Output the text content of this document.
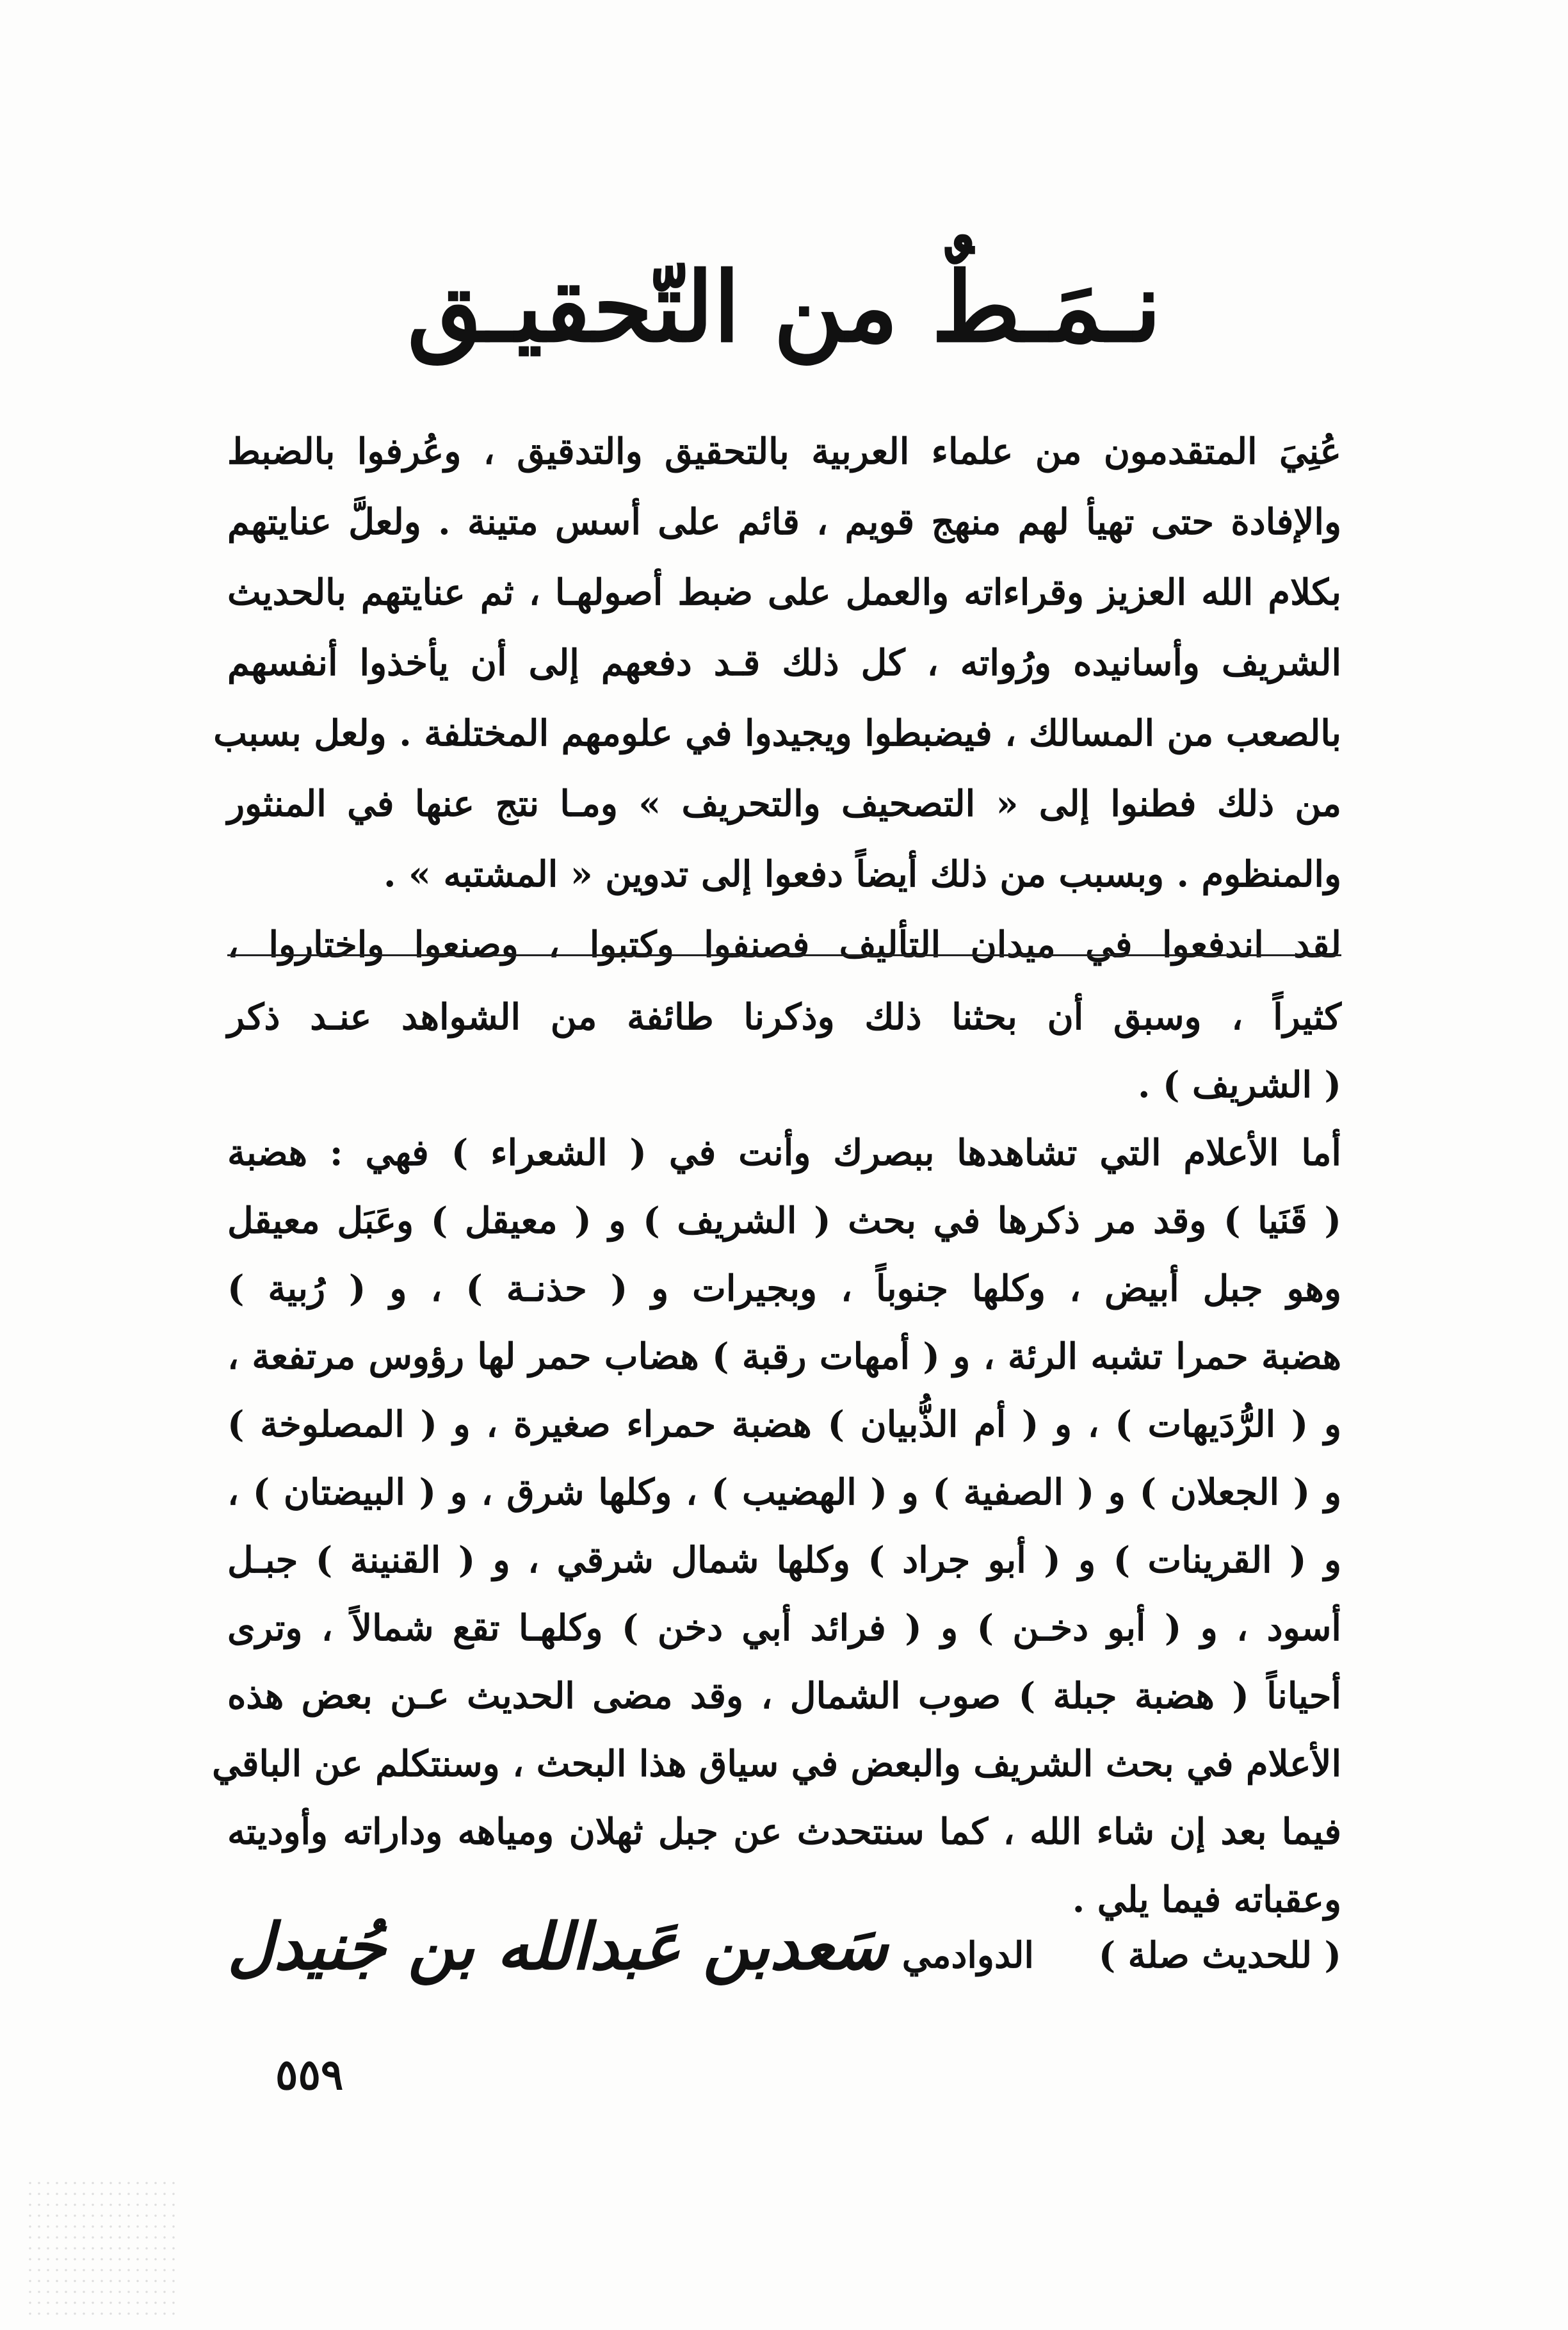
نـمَـطٌ من التّحقيـق
عُنِيَ المتقدمون من علماء العربية بالتحقيق والتدقيق ، وعُرفوا بالضبط
والإفادة حتى تهيأ لهم منهج قويم ، قائم على أسس متينة . ولعلَّ عنايتهم
بكلام الله العزيز وقراءاته والعمل على ضبط أصولهـا ، ثم عنايتهم بالحديث
الشريف وأسانيده ورُواته ، كل ذلك قـد دفعهم إلى أن يأخذوا أنفسهم
بالصعب من المسالك ، فيضبطوا ويجيدوا في علومهم المختلفة . ولعل بسبب
من ذلك فطنوا إلى « التصحيف والتحريف » ومـا نتج عنها في المنثور
والمنظوم . وبسبب من ذلك أيضاً دفعوا إلى تدوين « المشتبه » .
لقد اندفعوا في ميدان التأليف فصنفوا وكتبوا ، وصنعوا واختاروا ،
كثيراً ، وسبق أن بحثنا ذلك وذكرنا طائفة من الشواهد عنـد ذكر
( الشريف ) .
أما الأعلام التي تشاهدها ببصرك وأنت في ( الشعراء ) فهي : هضبة
( قَنَيا ) وقد مر ذكرها في بحث ( الشريف ) و ( معيقل ) وعَبَل معيقل
وهو جبل أبيض ، وكلها جنوباً ، وبجيرات و ( حذنـة ) ، و ( رُبية )
هضبة حمرا تشبه الرئة ، و ( أمهات رقبة ) هضاب حمر لها رؤوس مرتفعة ،
و ( الرُّدَيهات ) ، و ( أم الذُّبيان ) هضبة حمراء صغيرة ، و ( المصلوخة )
و ( الجعلان ) و ( الصفية ) و ( الهضيب ) ، وكلها شرق ، و ( البيضتان ) ،
و ( القرينات ) و ( أبو جراد ) وكلها شمال شرقي ، و ( القنينة ) جبـل
أسود ، و ( أبو دخـن ) و ( فرائد أبي دخن ) وكلهـا تقع شمالاً ، وترى
أحياناً ( هضبة جبلة ) صوب الشمال ، وقد مضى الحديث عـن بعض هذه
الأعلام في بحث الشريف والبعض في سياق هذا البحث ، وسنتكلم عن الباقي
فيما بعد إن شاء الله ، كما سنتحدث عن جبل ثهلان ومياهه وداراته وأوديته
وعقباته فيما يلي .
( للحديث صلة )
الدوادمي
سَعدبن عَبدالله بن جُنيدل
٥٥٩
